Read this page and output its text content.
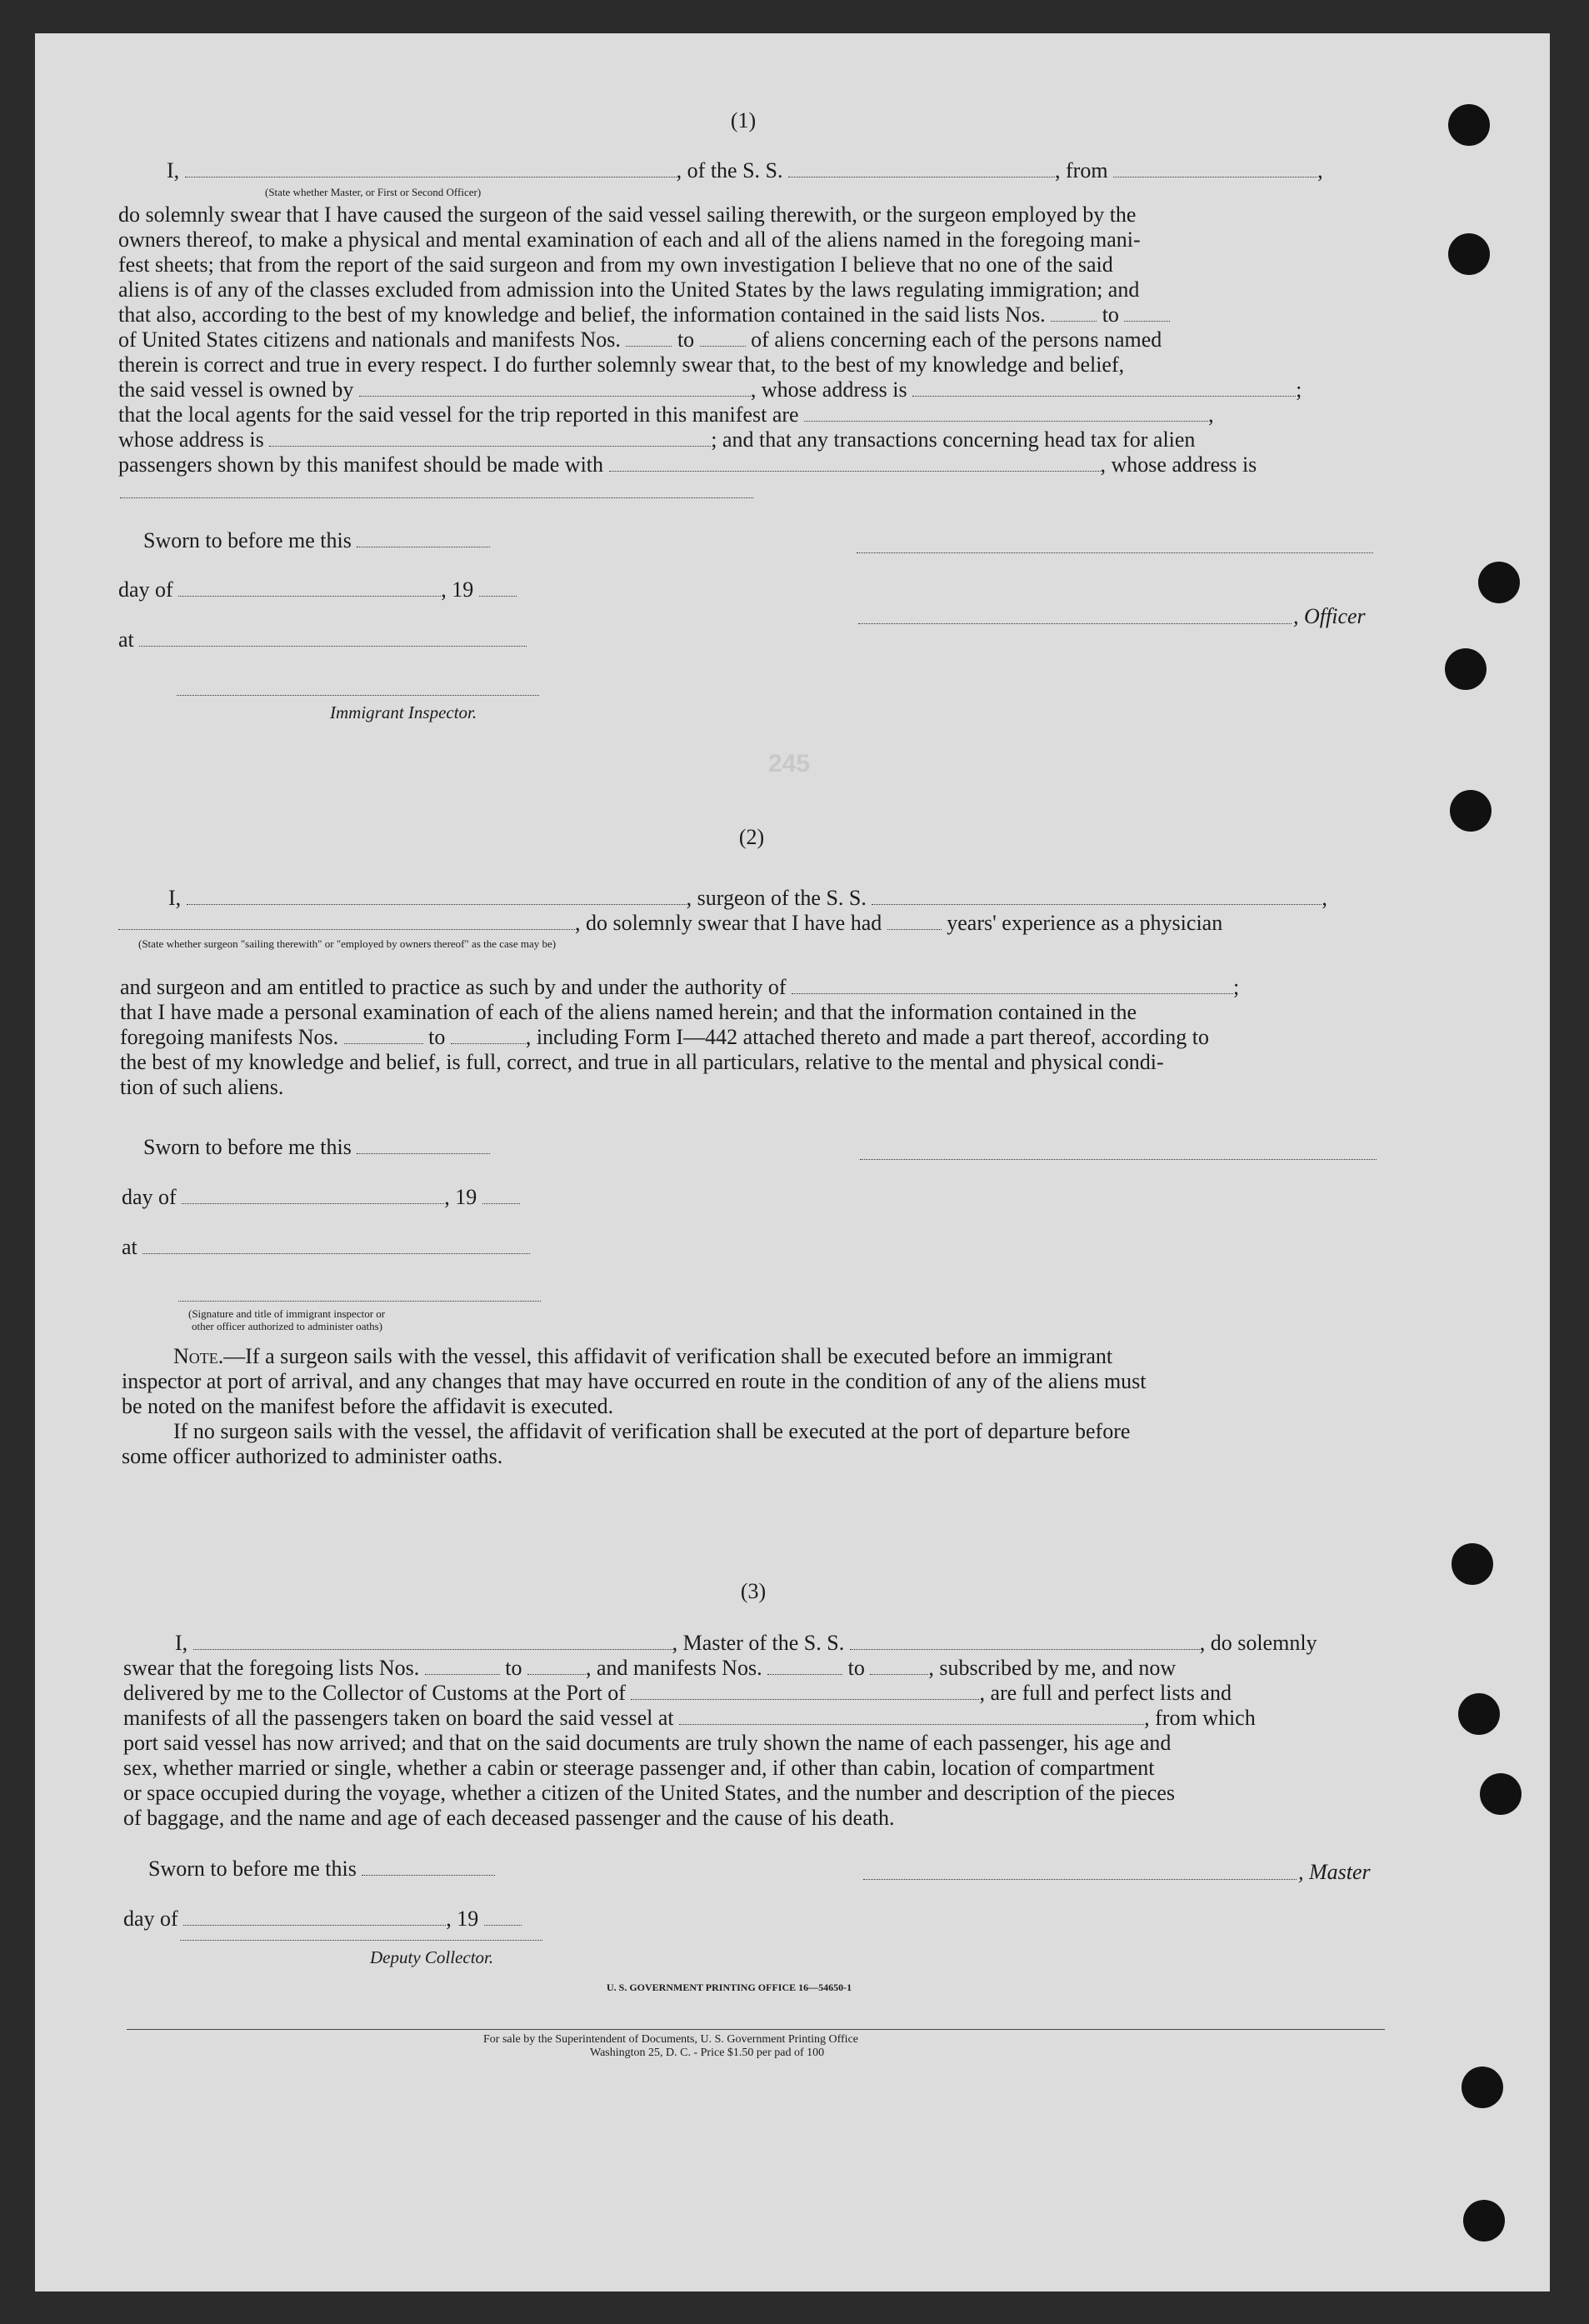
245
(1)
I,	, of the S. S.	, from	,
(State whether Master, or First or Second Officer)
do solemnly swear that I have caused the surgeon of the said vessel sailing therewith, or the surgeon employed by the
owners thereof, to make a physical and mental examination of each and all of the aliens named in the foregoing mani-
fest sheets; that from the report of the said surgeon and from my own investigation I believe that no one of the said
aliens is of any of the classes excluded from admission into the United States by the laws regulating immigration; and
that also, according to the best of my knowledge and belief, the information contained in the said lists Nos.	to
of United States citizens and nationals and manifests Nos.	to	of aliens concerning each of the persons named
therein is correct and true in every respect. I do further solemnly swear that, to the best of my knowledge and belief,
the said vessel is owned by	, whose address is	;
that the local agents for the said vessel for the trip reported in this manifest are	,
whose address is	; and that any transactions concerning head tax for alien
passengers shown by this manifest should be made with	, whose address is
Sworn to before me this
day of	, 19
, Officer
at
Immigrant Inspector.
(2)
I,	, surgeon of the S. S.	,
, do solemnly swear that I have had	years' experience as a physician
(State whether surgeon "sailing therewith" or "employed by owners thereof" as the case may be)
and surgeon and am entitled to practice as such by and under the authority of	;
that I have made a personal examination of each of the aliens named herein; and that the information contained in the
foregoing manifests Nos.	to	, including Form I—442 attached thereto and made a part thereof, according to
the best of my knowledge and belief, is full, correct, and true in all particulars, relative to the mental and physical condi-
tion of such aliens.
Sworn to before me this
day of	, 19
at
(Signature and title of immigrant inspector or
other officer authorized to administer oaths)
Note.—If a surgeon sails with the vessel, this affidavit of verification shall be executed before an immigrant
inspector at port of arrival, and any changes that may have occurred en route in the condition of any of the aliens must
be noted on the manifest before the affidavit is executed.
If no surgeon sails with the vessel, the affidavit of verification shall be executed at the port of departure before
some officer authorized to administer oaths.
(3)
I,	, Master of the S. S.	, do solemnly
swear that the foregoing lists Nos.	to	, and manifests Nos.	to	, subscribed by me, and now
delivered by me to the Collector of Customs at the Port of	, are full and perfect lists and
manifests of all the passengers taken on board the said vessel at	, from which
port said vessel has now arrived; and that on the said documents are truly shown the name of each passenger, his age and
sex, whether married or single, whether a cabin or steerage passenger and, if other than cabin, location of compartment
or space occupied during the voyage, whether a citizen of the United States, and the number and description of the pieces
of baggage, and the name and age of each deceased passenger and the cause of his death.
Sworn to before me this	, Master
day of	, 19
Deputy Collector.
U. S. GOVERNMENT PRINTING OFFICE 16—54650-1
For sale by the Superintendent of Documents, U. S. Government Printing Office
Washington 25, D. C. - Price $1.50 per pad of 100
